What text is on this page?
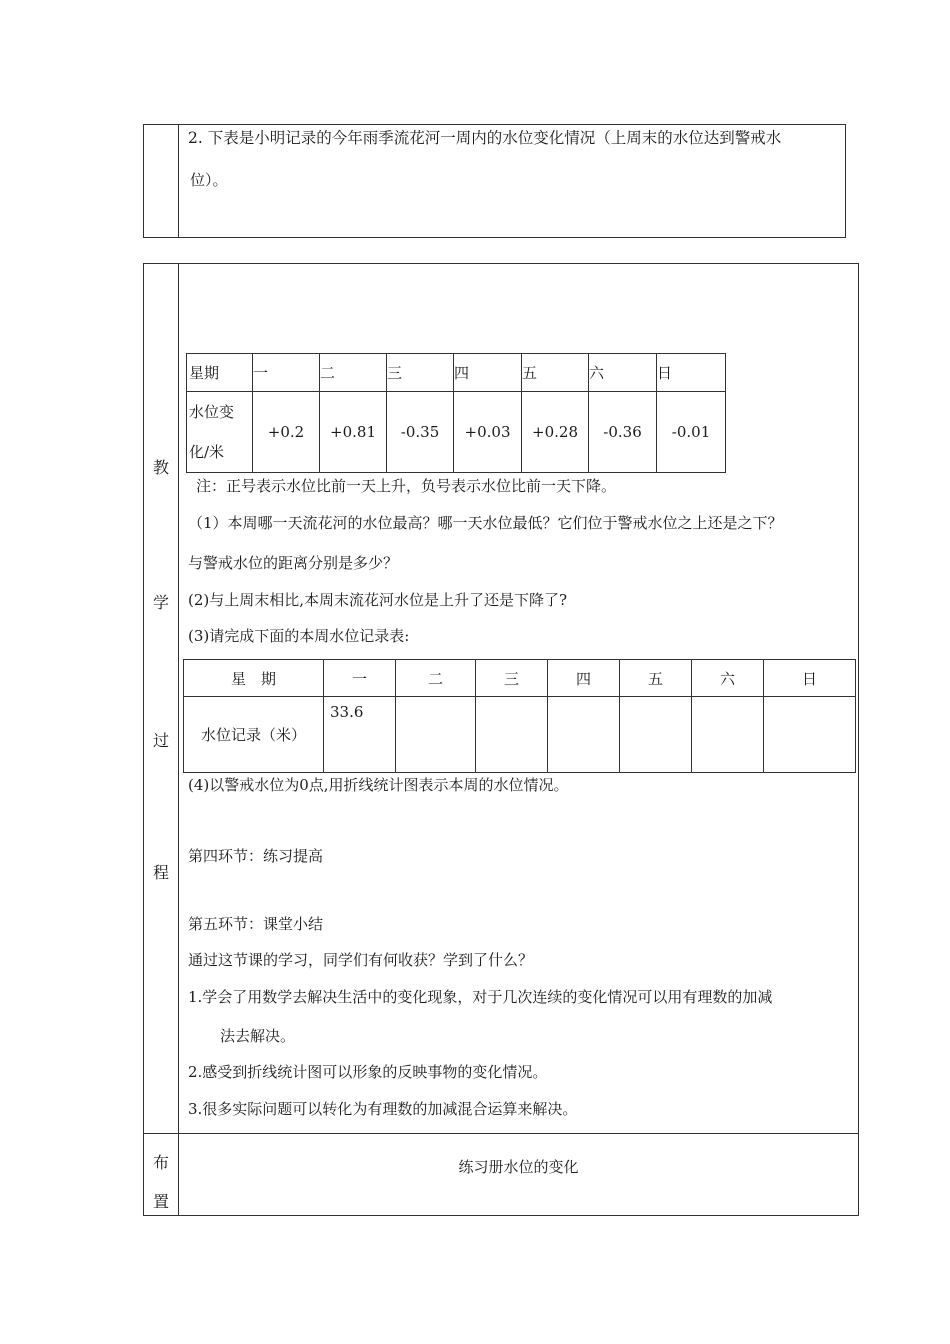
2. 下表是小明记录的今年雨季流花河一周内的水位变化情况（上周末的水位达到警戒水
位）。
教
学
过
程
布
置
星期	一	二	三	四	五	六	日
水位变
化/米	+0.2	+0.81	-0.35	+0.03	+0.28	-0.36	-0.01
注：正号表示水位比前一天上升，负号表示水位比前一天下降。
（1）本周哪一天流花河的水位最高？哪一天水位最低？它们位于警戒水位之上还是之下？
与警戒水位的距离分别是多少？
(2)与上周末相比,本周末流花河水位是上升了还是下降了?
(3)请完成下面的本周水位记录表:
星　期	一	二	三	四	五	六	日
水位记录（米）	33.6						
(4)以警戒水位为0点,用折线统计图表示本周的水位情况。
第四环节：练习提高
第五环节：课堂小结
通过这节课的学习，同学们有何收获？学到了什么？
1.学会了用数学去解决生活中的变化现象，对于几次连续的变化情况可以用有理数的加减
法去解决。
2.感受到折线统计图可以形象的反映事物的变化情况。
3.很多实际问题可以转化为有理数的加减混合运算来解决。
练习册水位的变化
